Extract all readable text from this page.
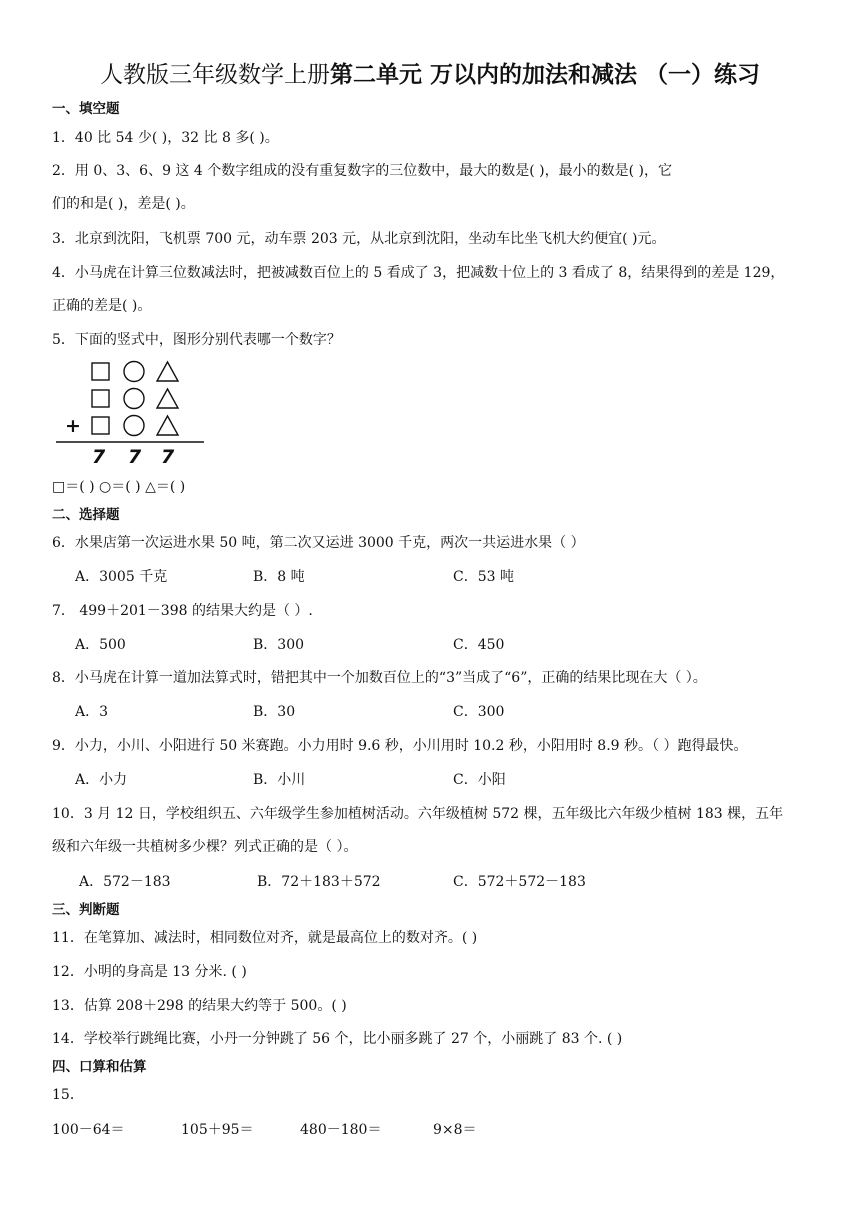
人教版三年级数学上册第二单元 万以内的加法和减法 （一）练习
一、填空题
1．40 比 54 少( )，32 比 8 多( )。
2．用 0、3、6、9 这 4 个数字组成的没有重复数字的三位数中，最大的数是( )，最小的数是( )，它
们的和是( )，差是( )。
3．北京到沈阳，飞机票 700 元，动车票 203 元，从北京到沈阳，坐动车比坐飞机大约便宜( )元。
4．小马虎在计算三位数减法时，把被减数百位上的 5 看成了 3，把减数十位上的 3 看成了 8，结果得到的差是 129，
正确的差是( )。
5．下面的竖式中，图形分别代表哪一个数字？
+
7 7 7
□＝( ) ○＝( ) △＝( )
二、选择题
6．水果店第一次运进水果 50 吨，第二次又运进 3000 千克，两次一共运进水果（ ）
A．3005 千克	B．8 吨	C．53 吨
7． 499＋201－398 的结果大约是（ ）.
A．500	B．300	C．450
8．小马虎在计算一道加法算式时，错把其中一个加数百位上的“3”当成了“6”，正确的结果比现在大（ ）。
A．3	B．30	C．300
9．小力，小川、小阳进行 50 米赛跑。小力用时 9.6 秒，小川用时 10.2 秒，小阳用时 8.9 秒。（ ）跑得最快。
A．小力	B．小川	C．小阳
10．3 月 12 日，学校组织五、六年级学生参加植树活动。六年级植树 572 棵，五年级比六年级少植树 183 棵，五年
级和六年级一共植树多少棵？列式正确的是（ ）。
A．572－183	B．72＋183＋572	C．572＋572－183
三、判断题
11．在笔算加、减法时，相同数位对齐，就是最高位上的数对齐。( )
12．小明的身高是 13 分米. ( )
13．估算 208＋298 的结果大约等于 500。( )
14．学校举行跳绳比赛，小丹一分钟跳了 56 个，比小丽多跳了 27 个，小丽跳了 83 个. ( )
四、口算和估算
15．
100－64＝	105＋95＝	480－180＝	9×8＝
